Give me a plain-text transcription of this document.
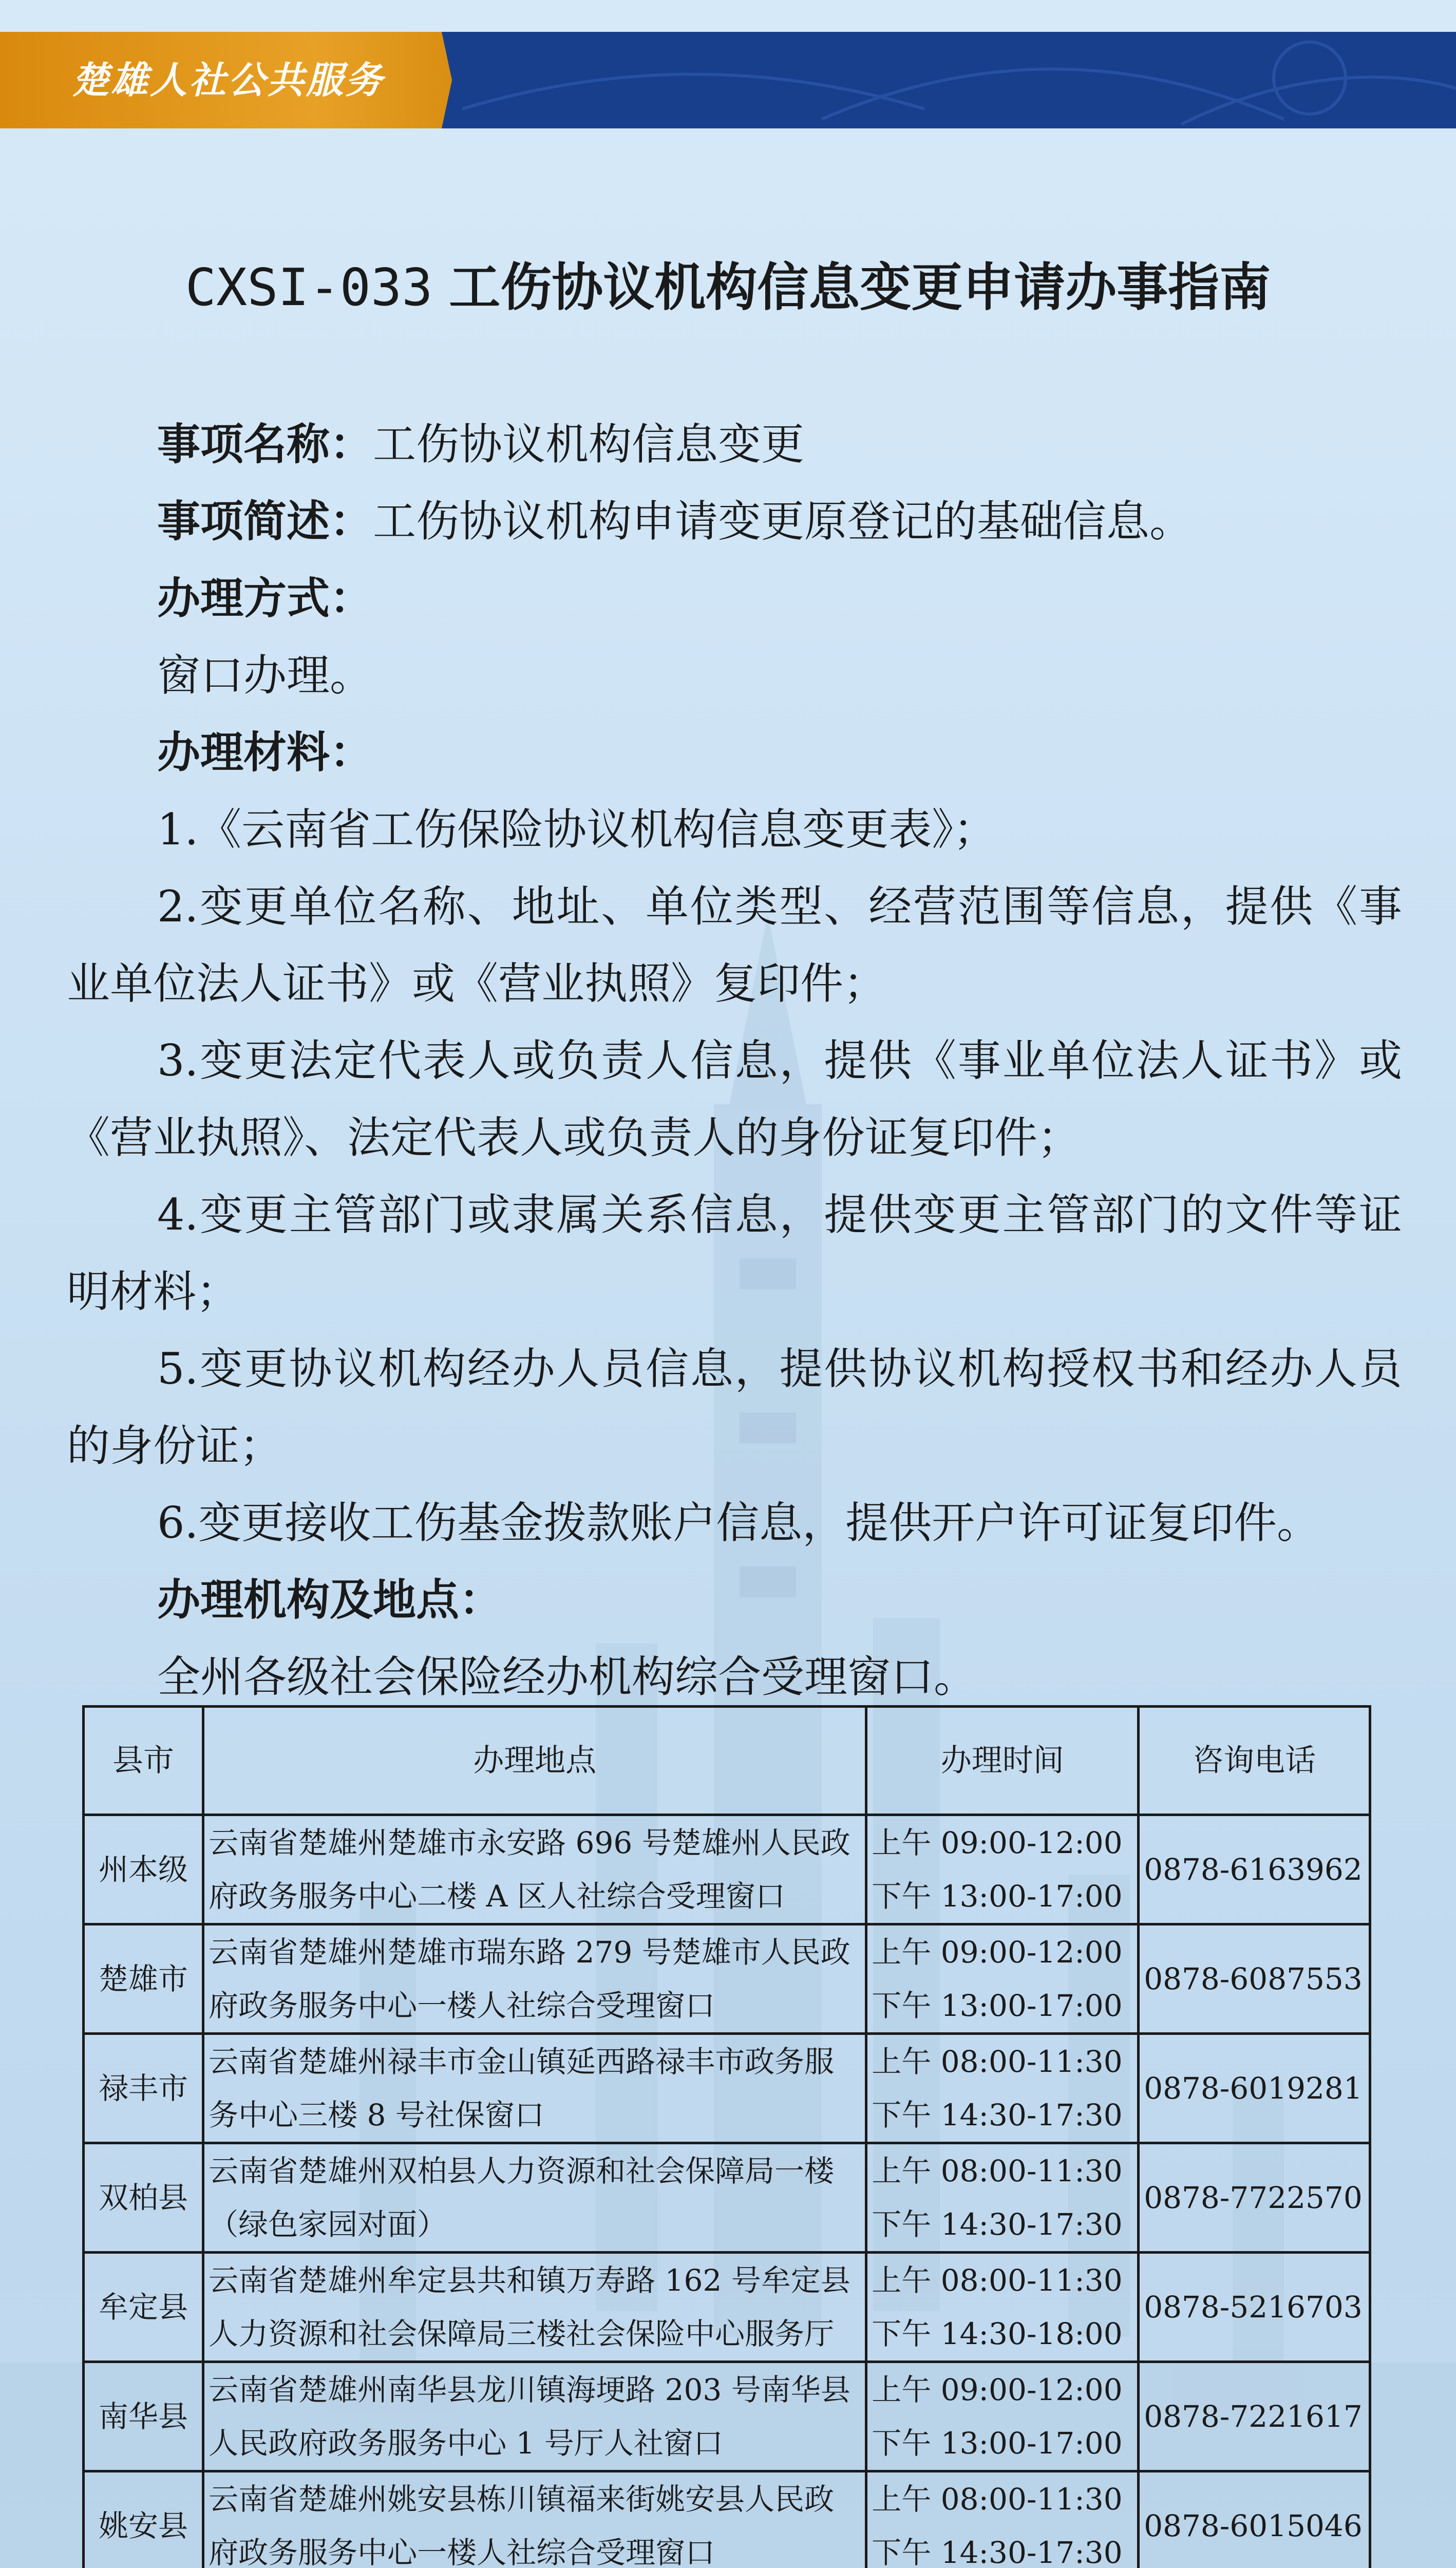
楚雄人社公共服务
CXSI-033 工伤协议机构信息变更申请办事指南
事项名称：工伤协议机构信息变更
事项简述：工伤协议机构申请变更原登记的基础信息。
办理方式：
窗口办理。
办理材料：
1.《云南省工伤保险协议机构信息变更表》；
2.变更单位名称、地址、单位类型、经营范围等信息，提供《事业单位法人证书》或《营业执照》复印件；
3.变更法定代表人或负责人信息，提供《事业单位法人证书》或《营业执照》、法定代表人或负责人的身份证复印件；
4.变更主管部门或隶属关系信息，提供变更主管部门的文件等证明材料；
5.变更协议机构经办人员信息，提供协议机构授权书和经办人员的身份证；
6.变更接收工伤基金拨款账户信息，提供开户许可证复印件。
办理机构及地点：
全州各级社会保险经办机构综合受理窗口。
县市	办理地点	办理时间	咨询电话
州本级	云南省楚雄州楚雄市永安路 696 号楚雄州人民政府政务服务中心二楼 A 区人社综合受理窗口	上午 09:00-12:00
下午 13:00-17:00	0878-6163962
楚雄市	云南省楚雄州楚雄市瑞东路 279 号楚雄市人民政府政务服务中心一楼人社综合受理窗口	上午 09:00-12:00
下午 13:00-17:00	0878-6087553
禄丰市	云南省楚雄州禄丰市金山镇延西路禄丰市政务服务中心三楼 8 号社保窗口	上午 08:00-11:30
下午 14:30-17:30	0878-6019281
双柏县	云南省楚雄州双柏县人力资源和社会保障局一楼（绿色家园对面）	上午 08:00-11:30
下午 14:30-17:30	0878-7722570
牟定县	云南省楚雄州牟定县共和镇万寿路 162 号牟定县人力资源和社会保障局三楼社会保险中心服务厅	上午 08:00-11:30
下午 14:30-18:00	0878-5216703
南华县	云南省楚雄州南华县龙川镇海埂路 203 号南华县人民政府政务服务中心 1 号厅人社窗口	上午 09:00-12:00
下午 13:00-17:00	0878-7221617
姚安县	云南省楚雄州姚安县栋川镇福来街姚安县人民政府政务服务中心一楼人社综合受理窗口	上午 08:00-11:30
下午 14:30-17:30	0878-6015046
